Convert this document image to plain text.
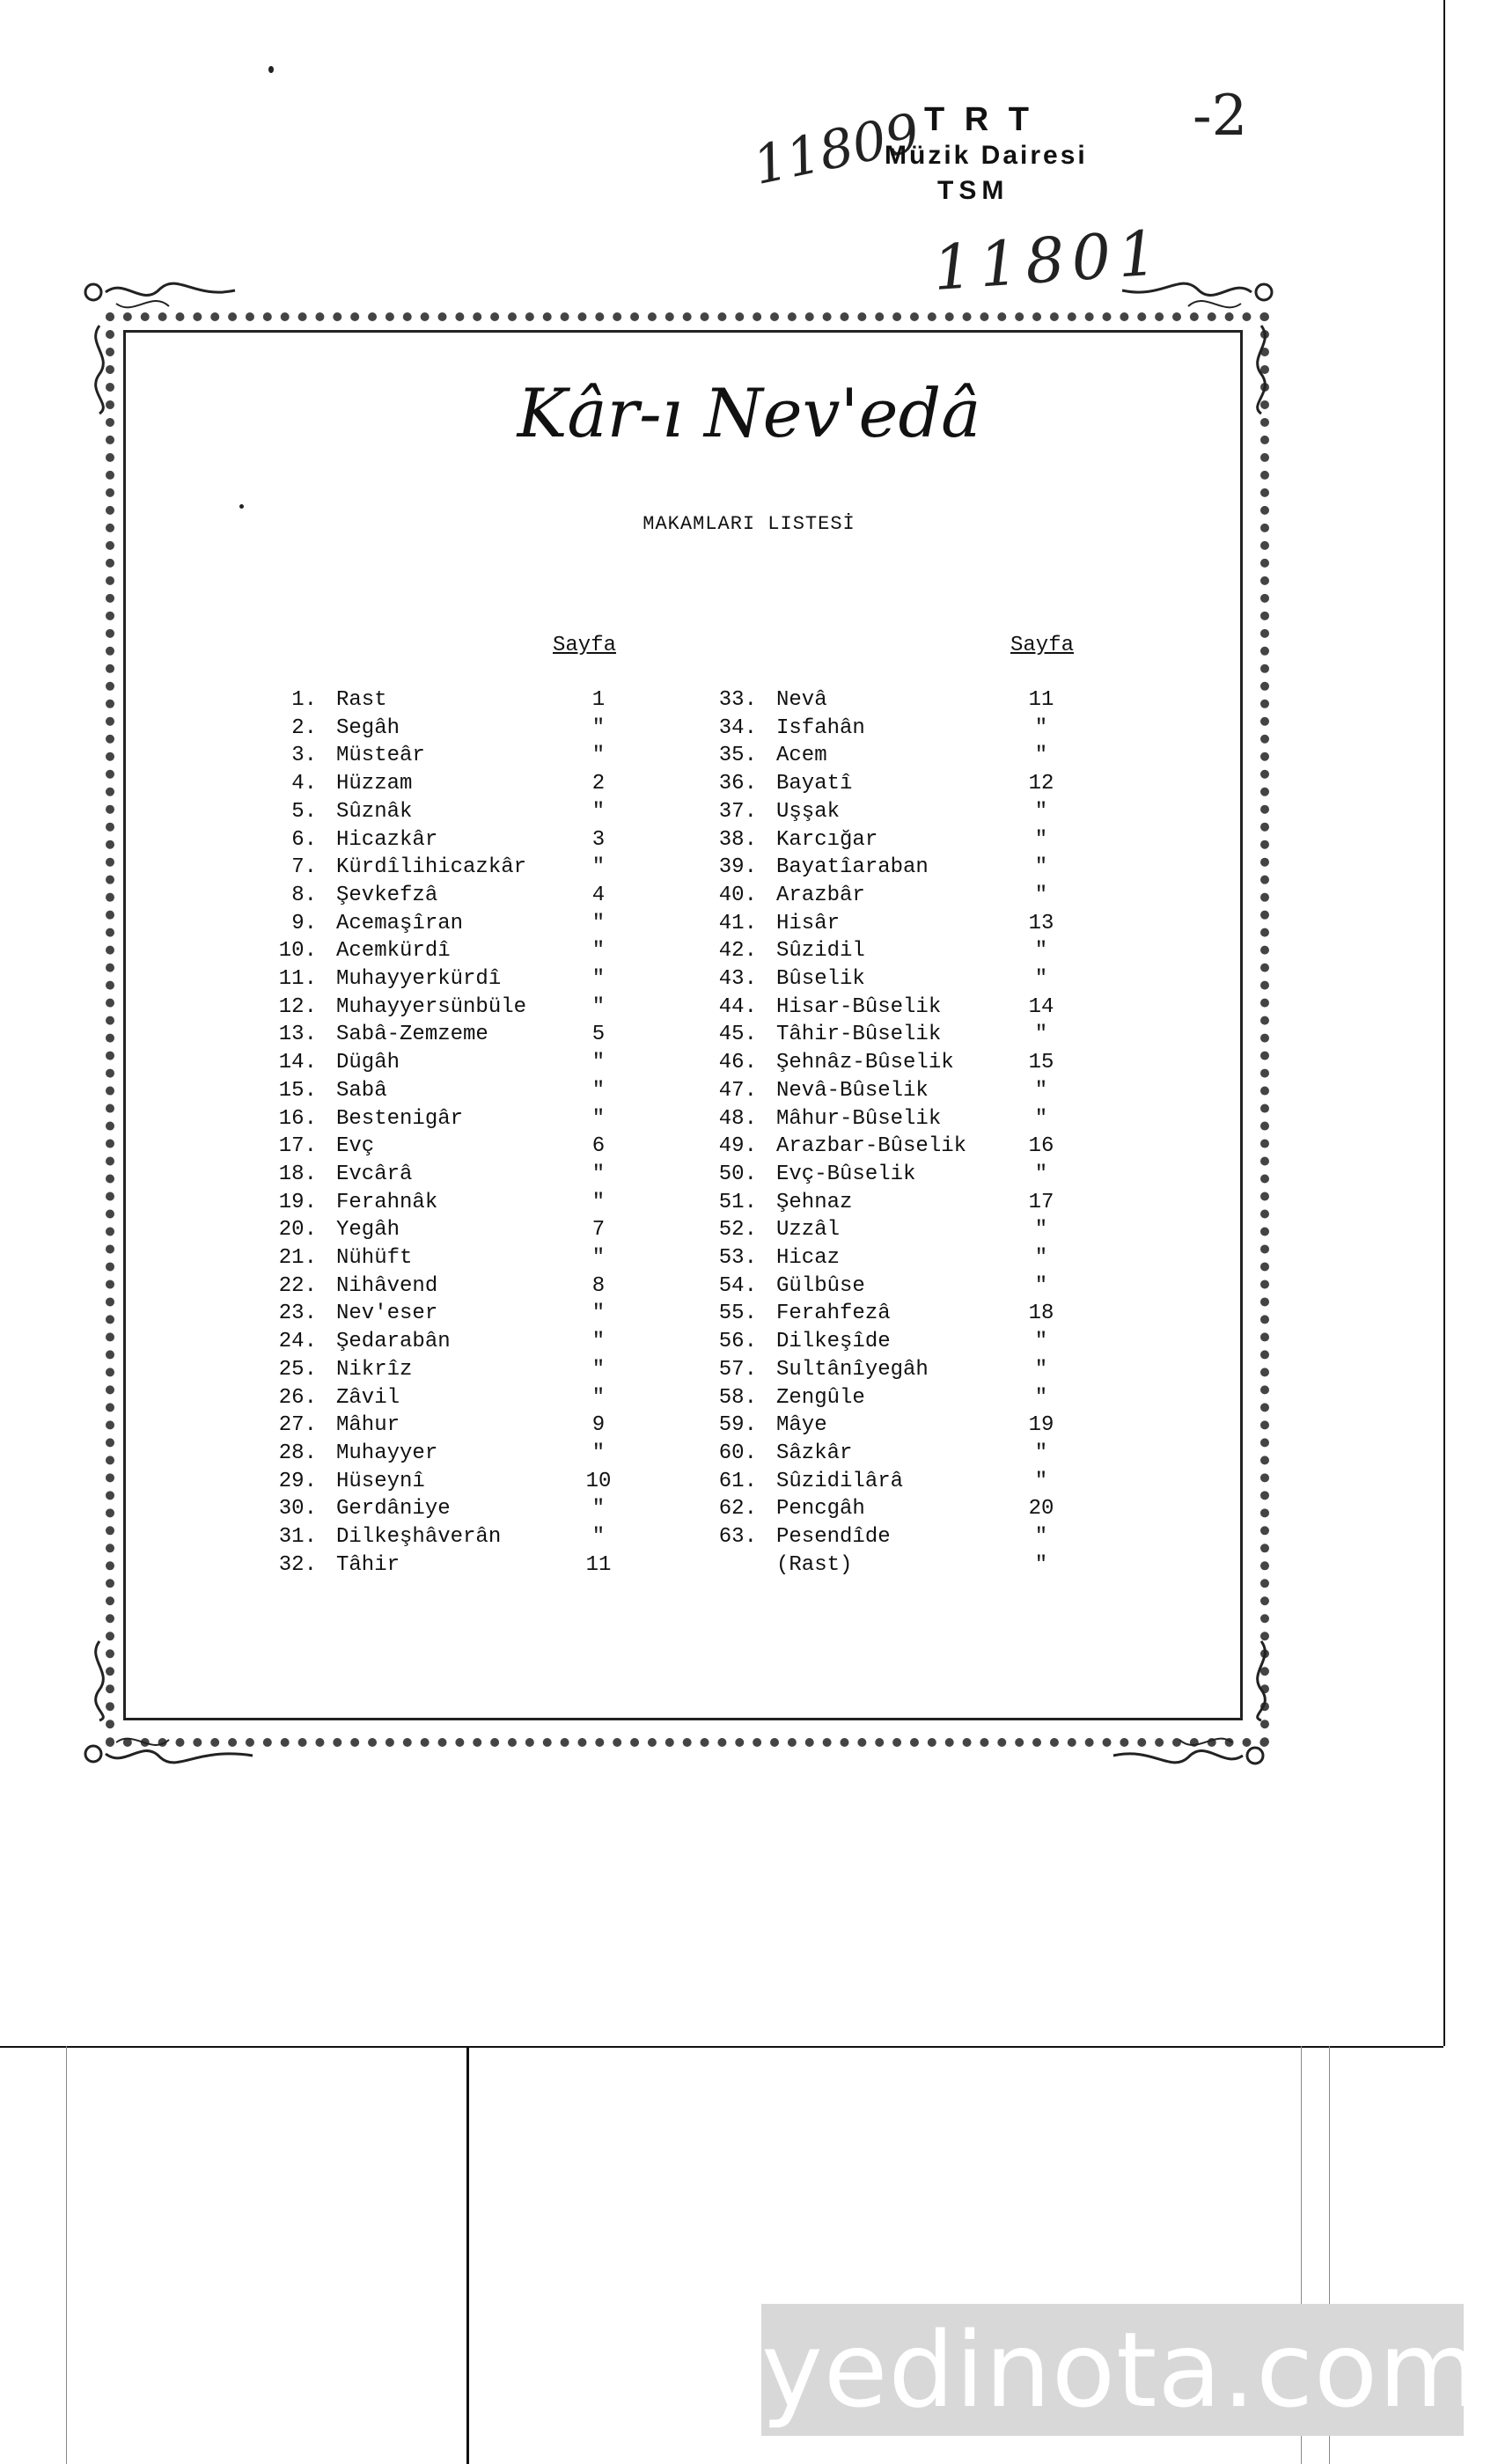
11809
T R T
Müzik Dairesi
TSM
11801
-2
Kâr-ı Nev'edâ
MAKAMLARI LISTESİ
Sayfa	Sayfa
1. Rast	1
2. Segâh	"
3. Müsteâr	"
4. Hüzzam	2
5. Sûznâk	"
6. Hicazkâr	3
7. Kürdîlihicazkâr	"
8. Şevkefzâ	4
9. Acemaşîran	"
10. Acemkürdî	"
11. Muhayyerkürdî	"
12. Muhayyersünbüle	"
13. Sabâ-Zemzeme	5
14. Dügâh	"
15. Sabâ	"
16. Bestenigâr	"
17. Evç	6
18. Evcârâ	"
19. Ferahnâk	"
20. Yegâh	7
21. Nühüft	"
22. Nihâvend	8
23. Nev'eser	"
24. Şedarabân	"
25. Nikrîz	"
26. Zâvil	"
27. Mâhur	9
28. Muhayyer	"
29. Hüseynî	10
30. Gerdâniye	"
31. Dilkeşhâverân	"
32. Tâhir	11
33. Nevâ	11
34. Isfahân	"
35. Acem	"
36. Bayatî	12
37. Uşşak	"
38. Karcığar	"
39. Bayatîaraban	"
40. Arazbâr	"
41. Hisâr	13
42. Sûzidil	"
43. Bûselik	"
44. Hisar-Bûselik	14
45. Tâhir-Bûselik	"
46. Şehnâz-Bûselik	15
47. Nevâ-Bûselik	"
48. Mâhur-Bûselik	"
49. Arazbar-Bûselik	16
50. Evç-Bûselik	"
51. Şehnaz	17
52. Uzzâl	"
53. Hicaz	"
54. Gülbûse	"
55. Ferahfezâ	18
56. Dilkeşîde	"
57. Sultânîyegâh	"
58. Zengûle	"
59. Mâye	19
60. Sâzkâr	"
61. Sûzidilârâ	"
62. Pencgâh	20
63. Pesendîde	"
(Rast)	"
yedinota.com
